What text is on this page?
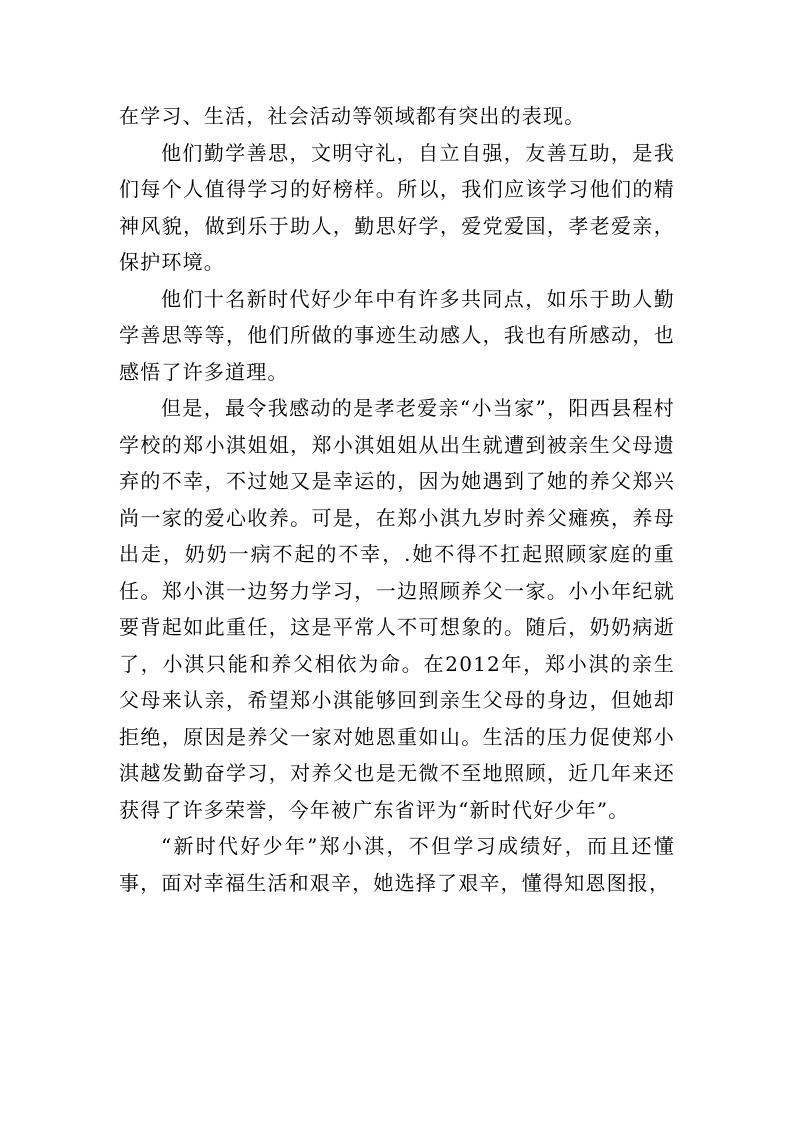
在学习、生活，社会活动等领域都有突出的表现。

他们勤学善思，文明守礼，自立自强，友善互助，是我们每个人值得学习的好榜样。所以，我们应该学习他们的精神风貌，做到乐于助人，勤思好学，爱党爱国，孝老爱亲，保护环境。

他们十名新时代好少年中有许多共同点，如乐于助人勤学善思等等，他们所做的事迹生动感人，我也有所感动，也感悟了许多道理。

但是，最令我感动的是孝老爱亲“小当家”，阳西县程村学校的郑小淇姐姐，郑小淇姐姐从出生就遭到被亲生父母遗弃的不幸，不过她又是幸运的，因为她遇到了她的养父郑兴尚一家的爱心收养。可是，在郑小淇九岁时养父瘫痪，养母出走，奶奶一病不起的不幸，.她不得不扛起照顾家庭的重任。郑小淇一边努力学习，一边照顾养父一家。小小年纪就要背起如此重任，这是平常人不可想象的。随后，奶奶病逝了，小淇只能和养父相依为命。在2012年，郑小淇的亲生父母来认亲，希望郑小淇能够回到亲生父母的身边，但她却拒绝，原因是养父一家对她恩重如山。生活的压力促使郑小淇越发勤奋学习，对养父也是无微不至地照顾，近几年来还获得了许多荣誉，今年被广东省评为“新时代好少年”。

“新时代好少年”郑小淇，不但学习成绩好，而且还懂事，面对幸福生活和艰辛，她选择了艰辛，懂得知恩图报，
